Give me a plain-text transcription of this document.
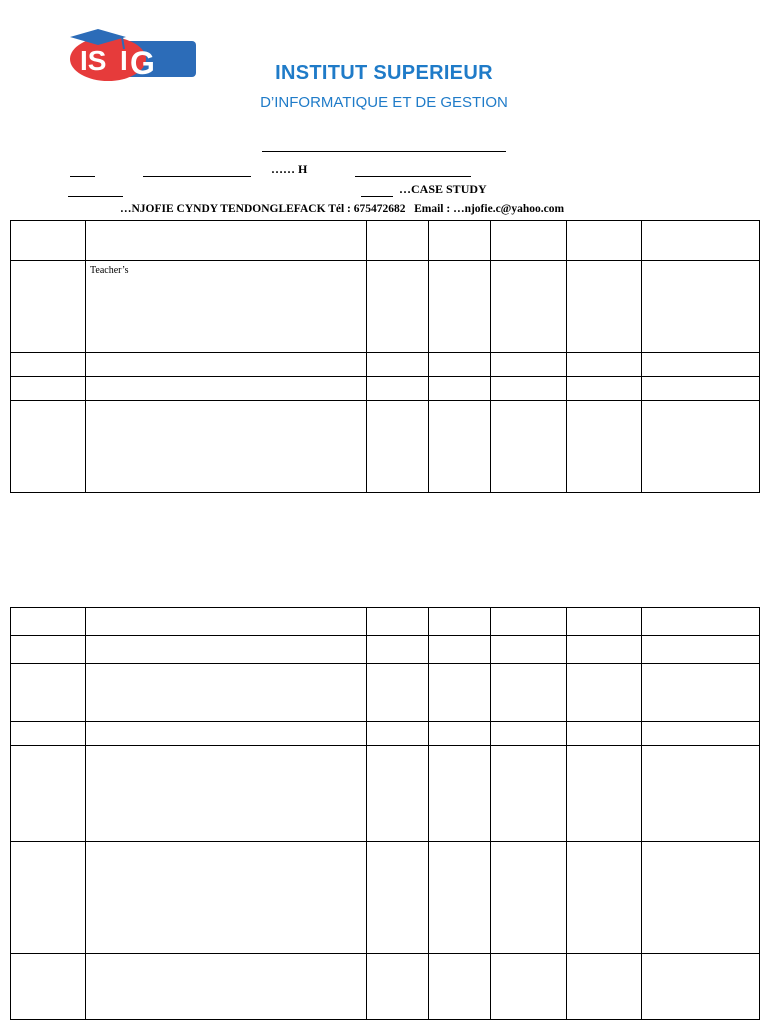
IS I G	INSTITUT SUPERIEUR
D’INFORMATIQUE ET DE GESTION
…… H
…CASE STUDY
…NJOFIE CYNDY TENDONGLEFACK Tél : 675472682   Email : …njofie.c@yahoo.com

	Teacher’s					
